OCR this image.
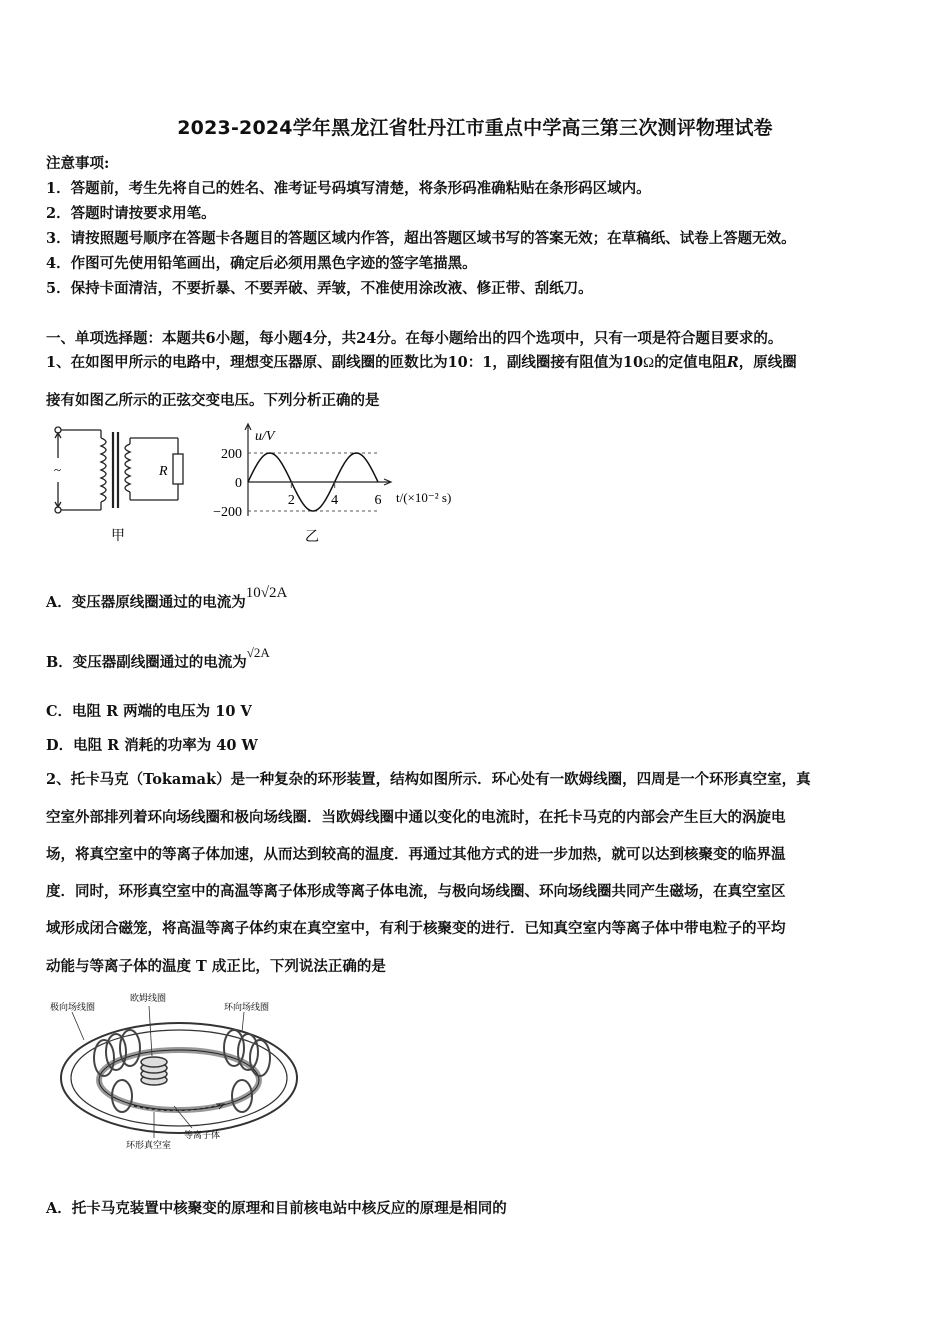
2023-2024学年黑龙江省牡丹江市重点中学高三第三次测评物理试卷
注意事项:
1．答题前，考生先将自己的姓名、准考证号码填写清楚，将条形码准确粘贴在条形码区域内。
2．答题时请按要求用笔。
3．请按照题号顺序在答题卡各题目的答题区域内作答，超出答题区域书写的答案无效；在草稿纸、试卷上答题无效。
4．作图可先使用铅笔画出，确定后必须用黑色字迹的签字笔描黑。
5．保持卡面清洁，不要折暴、不要弄破、弄皱，不准使用涂改液、修正带、刮纸刀。
一、单项选择题：本题共6小题，每小题4分，共24分。在每小题给出的四个选项中，只有一项是符合题目要求的。
1、在如图甲所示的电路中，理想变压器原、副线圈的匝数比为10：1，副线圈接有阻值为10Ω的定值电阻R，原线圈
接有如图乙所示的正弦交变电压。下列分析正确的是
~	R
甲
200
0
−200
2	4	6
u/V
t/(×10⁻² s)
乙
A．变压器原线圈通过的电流为10√2A
B．变压器副线圈通过的电流为√2A
C．电阻 R 两端的电压为 10 V
D．电阻 R 消耗的功率为 40 W
2、托卡马克（Tokamak）是一种复杂的环形装置，结构如图所示．环心处有一欧姆线圈，四周是一个环形真空室，真
空室外部排列着环向场线圈和极向场线圈．当欧姆线圈中通以变化的电流时，在托卡马克的内部会产生巨大的涡旋电
场，将真空室中的等离子体加速，从而达到较高的温度．再通过其他方式的进一步加热，就可以达到核聚变的临界温
度．同时，环形真空室中的高温等离子体形成等离子体电流，与极向场线圈、环向场线圈共同产生磁场，在真空室区
域形成闭合磁笼，将高温等离子体约束在真空室中，有利于核聚变的进行．已知真空室内等离子体中带电粒子的平均
动能与等离子体的温度 T 成正比，下列说法正确的是
极向场线圈
欧姆线圈
环向场线圈
等离子体
环形真空室
A．托卡马克装置中核聚变的原理和目前核电站中核反应的原理是相同的
